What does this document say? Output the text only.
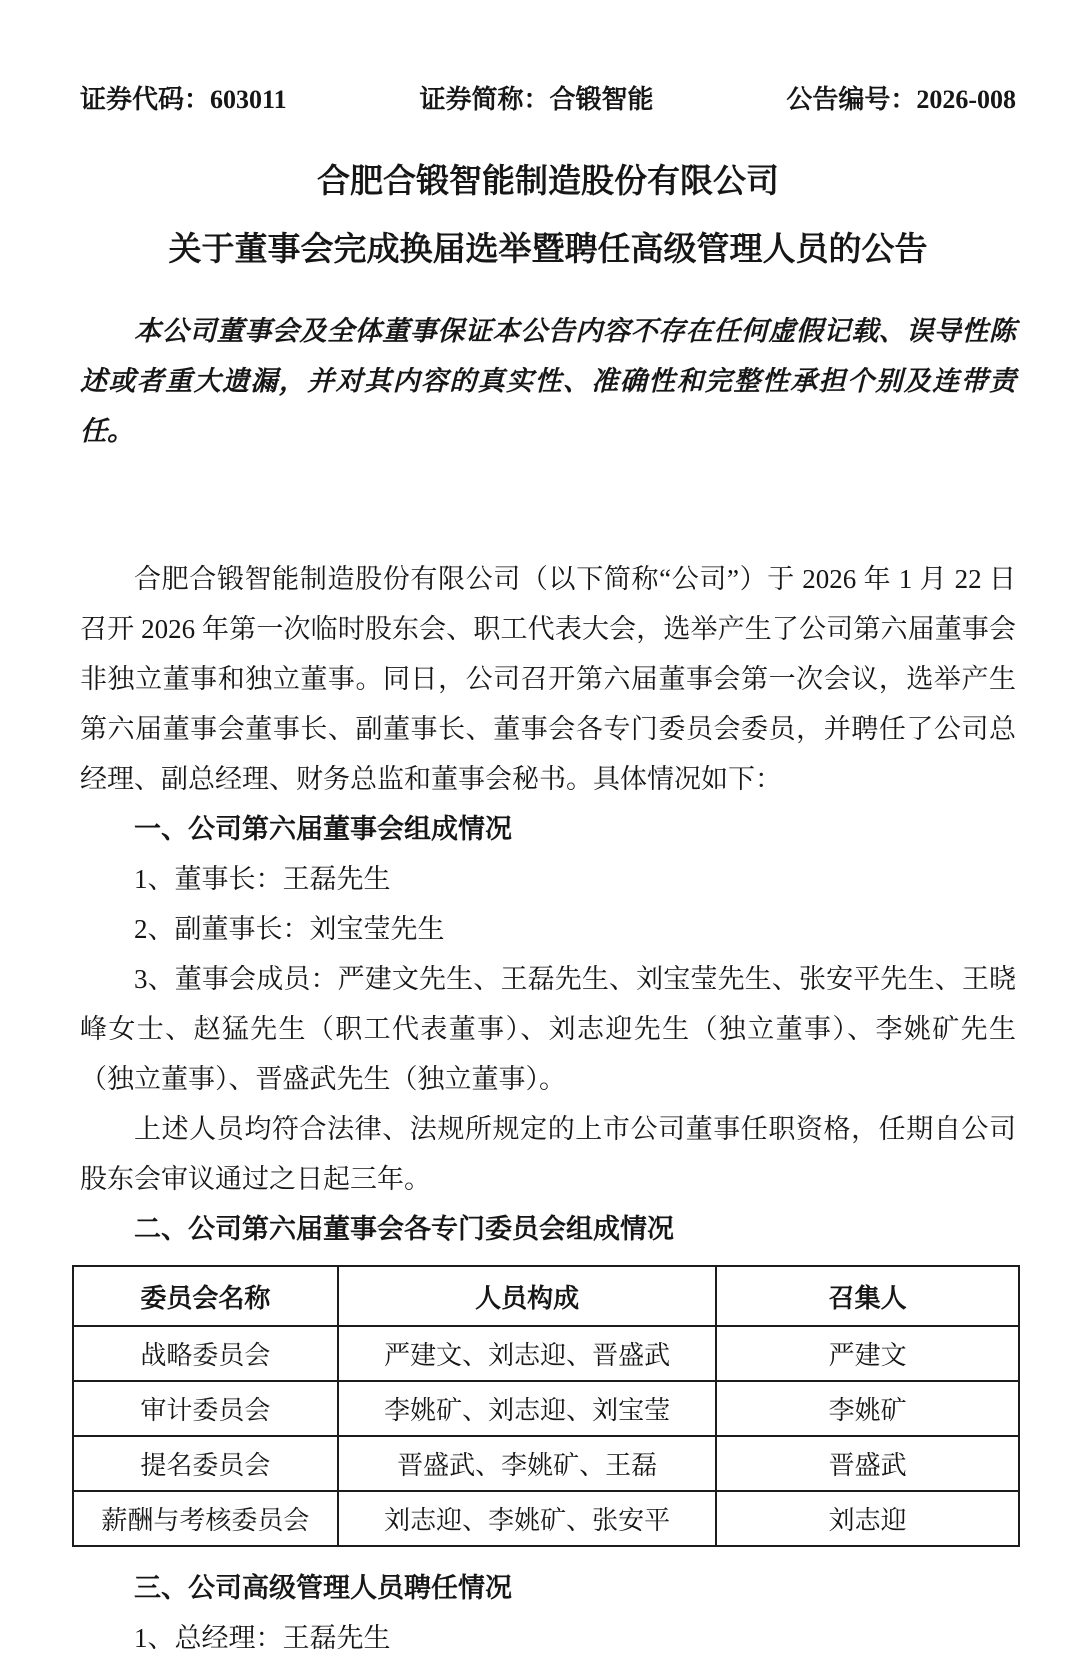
证券代码：603011	证券简称：合锻智能	公告编号：2026-008
合肥合锻智能制造股份有限公司
关于董事会完成换届选举暨聘任高级管理人员的公告

本公司董事会及全体董事保证本公告内容不存在任何虚假记载、误导性陈述或者重大遗漏，并对其内容的真实性、准确性和完整性承担个别及连带责任。

合肥合锻智能制造股份有限公司（以下简称“公司”）于 2026 年 1 月 22 日召开 2026 年第一次临时股东会、职工代表大会，选举产生了公司第六届董事会非独立董事和独立董事。同日，公司召开第六届董事会第一次会议，选举产生第六届董事会董事长、副董事长、董事会各专门委员会委员，并聘任了公司总经理、副总经理、财务总监和董事会秘书。具体情况如下：

一、公司第六届董事会组成情况

1、董事长：王磊先生

2、副董事长：刘宝莹先生

3、董事会成员：严建文先生、王磊先生、刘宝莹先生、张安平先生、王晓峰女士、赵猛先生（职工代表董事）、刘志迎先生（独立董事）、李姚矿先生（独立董事）、晋盛武先生（独立董事）。

上述人员均符合法律、法规所规定的上市公司董事任职资格，任期自公司股东会审议通过之日起三年。

二、公司第六届董事会各专门委员会组成情况
委员会名称	人员构成	召集人
战略委员会	严建文、刘志迎、晋盛武	严建文
审计委员会	李姚矿、刘志迎、刘宝莹	李姚矿
提名委员会	晋盛武、李姚矿、王磊	晋盛武
薪酬与考核委员会	刘志迎、李姚矿、张安平	刘志迎
三、公司高级管理人员聘任情况

1、总经理：王磊先生
